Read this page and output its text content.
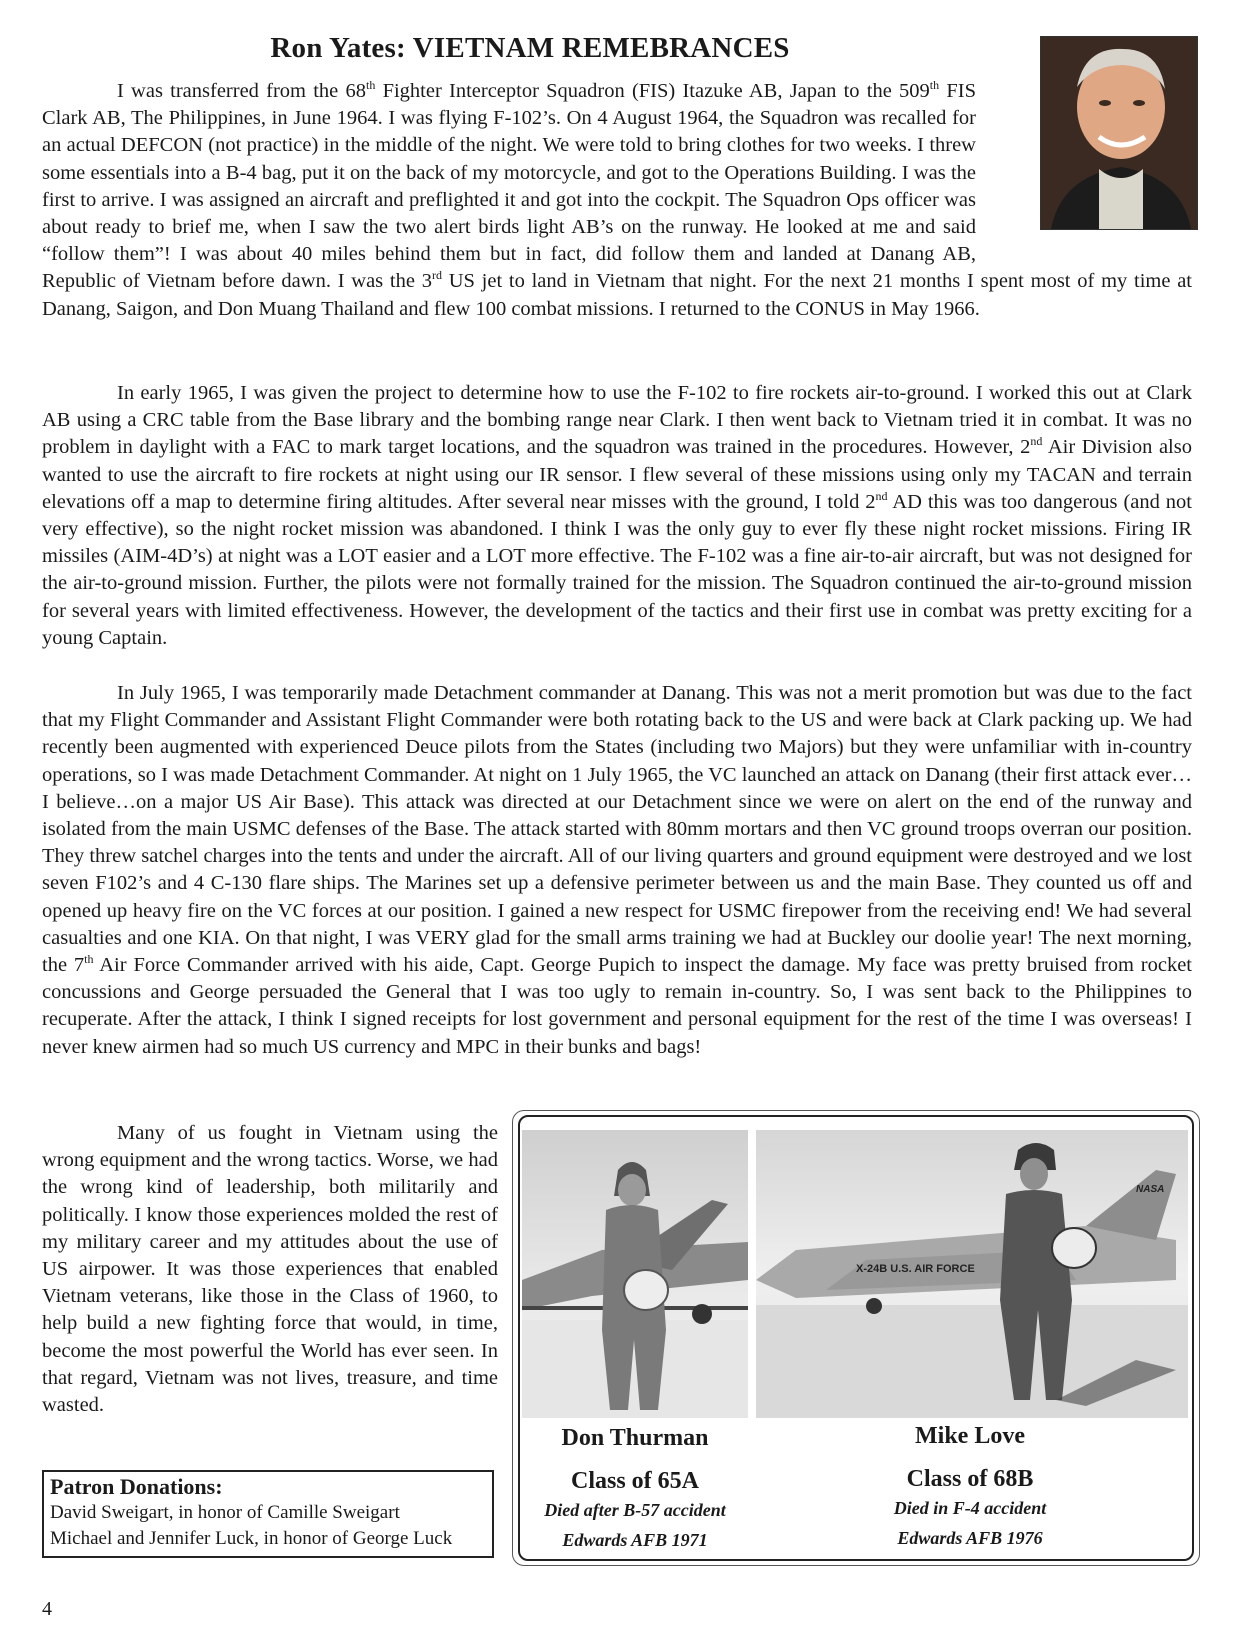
Ron Yates: VIETNAM REMEBRANCES

I was transferred from the 68th Fighter Interceptor Squadron (FIS) Itazuke AB, Japan to the 509th FIS Clark AB, The Philippines, in June 1964. I was flying F-102’s. On 4 August 1964, the Squadron was recalled for an actual DEFCON (not practice) in the middle of the night. We were told to bring clothes for two weeks. I threw some essentials into a B-4 bag, put it on the back of my motorcycle, and got to the Operations Building. I was the first to arrive. I was assigned an aircraft and preflighted it and got into the cockpit. The Squadron Ops officer was about ready to brief me, when I saw the two alert birds light AB’s on the runway. He looked at me and said “follow them”! I was about 40 miles behind them but in fact, did follow them and landed at Danang AB, Republic of Vietnam before dawn. I was the 3rd US jet to land in Vietnam that night. For the next 21 months I spent most of my time at Danang, Saigon, and Don Muang Thailand and flew 100 combat missions. I returned to the CONUS in May 1966.

In early 1965, I was given the project to determine how to use the F-102 to fire rockets air-to-ground. I worked this out at Clark AB using a CRC table from the Base library and the bombing range near Clark. I then went back to Vietnam tried it in combat. It was no problem in daylight with a FAC to mark target locations, and the squadron was trained in the procedures. However, 2nd Air Division also wanted to use the aircraft to fire rockets at night using our IR sensor. I flew several of these missions using only my TACAN and terrain elevations off a map to determine firing altitudes. After several near misses with the ground, I told 2nd AD this was too dangerous (and not very effective), so the night rocket mission was abandoned. I think I was the only guy to ever fly these night rocket missions. Firing IR missiles (AIM-4D’s) at night was a LOT easier and a LOT more effective. The F-102 was a fine air-to-air aircraft, but was not designed for the air-to-ground mission. Further, the pilots were not formally trained for the mission. The Squadron continued the air-to-ground mission for several years with limited effectiveness. However, the development of the tactics and their first use in combat was pretty exciting for a young Captain.

In July 1965, I was temporarily made Detachment commander at Danang. This was not a merit promotion but was due to the fact that my Flight Commander and Assistant Flight Commander were both rotating back to the US and were back at Clark packing up. We had recently been augmented with experienced Deuce pilots from the States (including two Majors) but they were unfamiliar with in-country operations, so I was made Detachment Commander. At night on 1 July 1965, the VC launched an attack on Danang (their first attack ever… I believe…on a major US Air Base). This attack was directed at our Detachment since we were on alert on the end of the runway and isolated from the main USMC defenses of the Base. The attack started with 80mm mortars and then VC ground troops overran our position. They threw satchel charges into the tents and under the aircraft. All of our living quarters and ground equipment were destroyed and we lost seven F102’s and 4 C-130 flare ships. The Marines set up a defensive perimeter between us and the main Base. They counted us off and opened up heavy fire on the VC forces at our position. I gained a new respect for USMC firepower from the receiving end! We had several casualties and one KIA. On that night, I was VERY glad for the small arms training we had at Buckley our doolie year! The next morning, the 7th Air Force Commander arrived with his aide, Capt. George Pupich to inspect the damage. My face was pretty bruised from rocket concussions and George persuaded the General that I was too ugly to remain in-country. So, I was sent back to the Philippines to recuperate. After the attack, I think I signed receipts for lost government and personal equipment for the rest of the time I was overseas! I never knew airmen had so much US currency and MPC in their bunks and bags!

Many of us fought in Vietnam using the wrong equipment and the wrong tactics. Worse, we had the wrong kind of leadership, both militarily and politically. I know those experiences molded the rest of my military career and my attitudes about the use of US airpower. It was those experiences that enabled Vietnam veterans, like those in the Class of 1960, to help build a new fighting force that would, in time, become the most powerful the World has ever seen. In that regard, Vietnam was not lives, treasure, and time wasted.

X-24B U.S. AIR FORCE
NASA
Don Thurman
Class of 65A
Died after B-57 accident
Edwards AFB 1971
Mike Love
Class of 68B
Died in F-4 accident
Edwards AFB 1976
Patron Donations:
David Sweigart, in honor of Camille Sweigart
Michael and Jennifer Luck, in honor of George Luck
4
